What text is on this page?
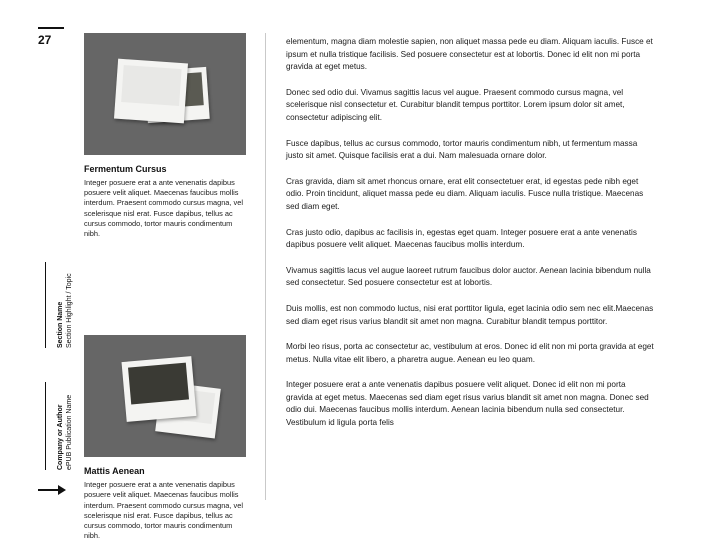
27
Section Name Section Highlight / Topic
Company or Author ePUB Publication Name
Fermentum Cursus
Integer posuere erat a ante venenatis dapibus posuere velit aliquet. Maecenas faucibus mollis interdum. Praesent commodo cursus magna, vel scelerisque nisl erat. Fusce dapibus, tellus ac cursus commodo, tortor mauris condimentum nibh.
Mattis Aenean
Integer posuere erat a ante venenatis dapibus posuere velit aliquet. Maecenas faucibus mollis interdum. Praesent commodo cursus magna, vel scelerisque nisl erat. Fusce dapibus, tellus ac cursus commodo, tortor mauris condimentum nibh.

elementum, magna diam molestie sapien, non aliquet massa pede eu diam. Aliquam iaculis. Fusce et ipsum et nulla tristique facilisis. Sed posuere consectetur est at lobortis. Donec id elit non mi porta gravida at eget metus.

Donec sed odio dui. Vivamus sagittis lacus vel augue. Praesent commodo cursus magna, vel scelerisque nisl consectetur et. Curabitur blandit tempus porttitor. Lorem ipsum dolor sit amet, consectetur adipiscing elit.

Fusce dapibus, tellus ac cursus commodo, tortor mauris condimentum nibh, ut fermentum massa justo sit amet. Quisque facilisis erat a dui. Nam malesuada ornare dolor.

Cras gravida, diam sit amet rhoncus ornare, erat elit consectetuer erat, id egestas pede nibh eget odio. Proin tincidunt, aliquet massa pede eu diam. Aliquam iaculis. Fusce nulla tristique. Maecenas sed diam eget.

Cras justo odio, dapibus ac facilisis in, egestas eget quam. Integer posuere erat a ante venenatis dapibus posuere velit aliquet. Maecenas faucibus mollis interdum.

Vivamus sagittis lacus vel augue laoreet rutrum faucibus dolor auctor. Aenean lacinia bibendum nulla sed consectetur. Sed posuere consectetur est at lobortis.

Duis mollis, est non commodo luctus, nisi erat porttitor ligula, eget lacinia odio sem nec elit.Maecenas sed diam eget risus varius blandit sit amet non magna. Curabitur blandit tempus porttitor.

Morbi leo risus, porta ac consectetur ac, vestibulum at eros. Donec id elit non mi porta gravida at eget metus. Nulla vitae elit libero, a pharetra augue. Aenean eu leo quam.

Integer posuere erat a ante venenatis dapibus posuere velit aliquet. Donec id elit non mi porta gravida at eget metus. Maecenas sed diam eget risus varius blandit sit amet non magna. Donec sed odio dui. Maecenas faucibus mollis interdum. Aenean lacinia bibendum nulla sed consectetur. Vestibulum id ligula porta felis
